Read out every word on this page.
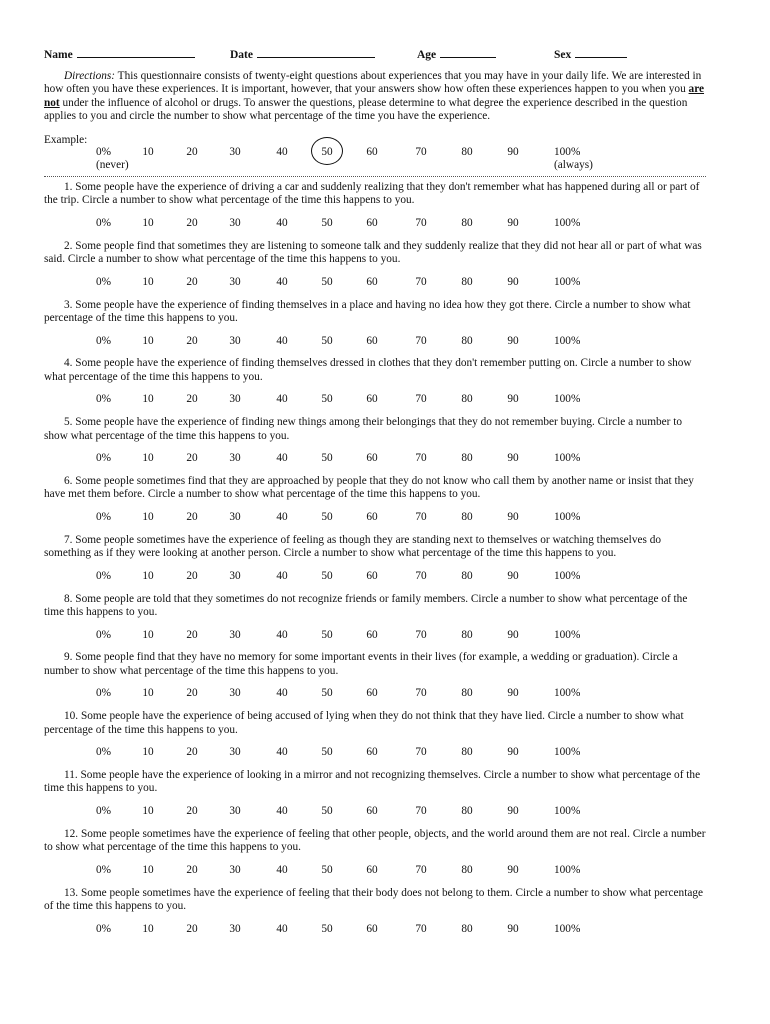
Name	Date	Age	Sex
Directions: This questionnaire consists of twenty-eight questions about experiences that you may have in your daily life. We are interested in how often you have these experiences. It is important, however, that your answers show how often these experiences happen to you when you are not under the influence of alcohol or drugs. To answer the questions, please determine to what degree the experience described in the question applies to you and circle the number to show what percentage of the time you have the experience.
Example:
0%	10	20	30	40	50	60	70	80	90	100%
(never)	(always)
1. Some people have the experience of driving a car and suddenly realizing that they don't remember what has happened during all or part of the trip. Circle a number to show what percentage of the time this happens to you.
0%	10	20	30	40	50	60	70	80	90	100%
2. Some people find that sometimes they are listening to someone talk and they suddenly realize that they did not hear all or part of what was said. Circle a number to show what percentage of the time this happens to you.
0%	10	20	30	40	50	60	70	80	90	100%
3. Some people have the experience of finding themselves in a place and having no idea how they got there. Circle a number to show what percentage of the time this happens to you.
0%	10	20	30	40	50	60	70	80	90	100%
4. Some people have the experience of finding themselves dressed in clothes that they don't remember putting on. Circle a number to show what percentage of the time this happens to you.
0%	10	20	30	40	50	60	70	80	90	100%
5. Some people have the experience of finding new things among their belongings that they do not remember buying. Circle a number to show what percentage of the time this happens to you.
0%	10	20	30	40	50	60	70	80	90	100%
6. Some people sometimes find that they are approached by people that they do not know who call them by another name or insist that they have met them before. Circle a number to show what percentage of the time this happens to you.
0%	10	20	30	40	50	60	70	80	90	100%
7. Some people sometimes have the experience of feeling as though they are standing next to themselves or watching themselves do something as if they were looking at another person. Circle a number to show what percentage of the time this happens to you.
0%	10	20	30	40	50	60	70	80	90	100%
8. Some people are told that they sometimes do not recognize friends or family members. Circle a number to show what percentage of the time this happens to you.
0%	10	20	30	40	50	60	70	80	90	100%
9. Some people find that they have no memory for some important events in their lives (for example, a wedding or graduation). Circle a number to show what percentage of the time this happens to you.
0%	10	20	30	40	50	60	70	80	90	100%
10. Some people have the experience of being accused of lying when they do not think that they have lied. Circle a number to show what percentage of the time this happens to you.
0%	10	20	30	40	50	60	70	80	90	100%
11. Some people have the experience of looking in a mirror and not recognizing themselves. Circle a number to show what percentage of the time this happens to you.
0%	10	20	30	40	50	60	70	80	90	100%
12. Some people sometimes have the experience of feeling that other people, objects, and the world around them are not real. Circle a number to show what percentage of the time this happens to you.
0%	10	20	30	40	50	60	70	80	90	100%
13. Some people sometimes have the experience of feeling that their body does not belong to them. Circle a number to show what percentage of the time this happens to you.
0%	10	20	30	40	50	60	70	80	90	100%
